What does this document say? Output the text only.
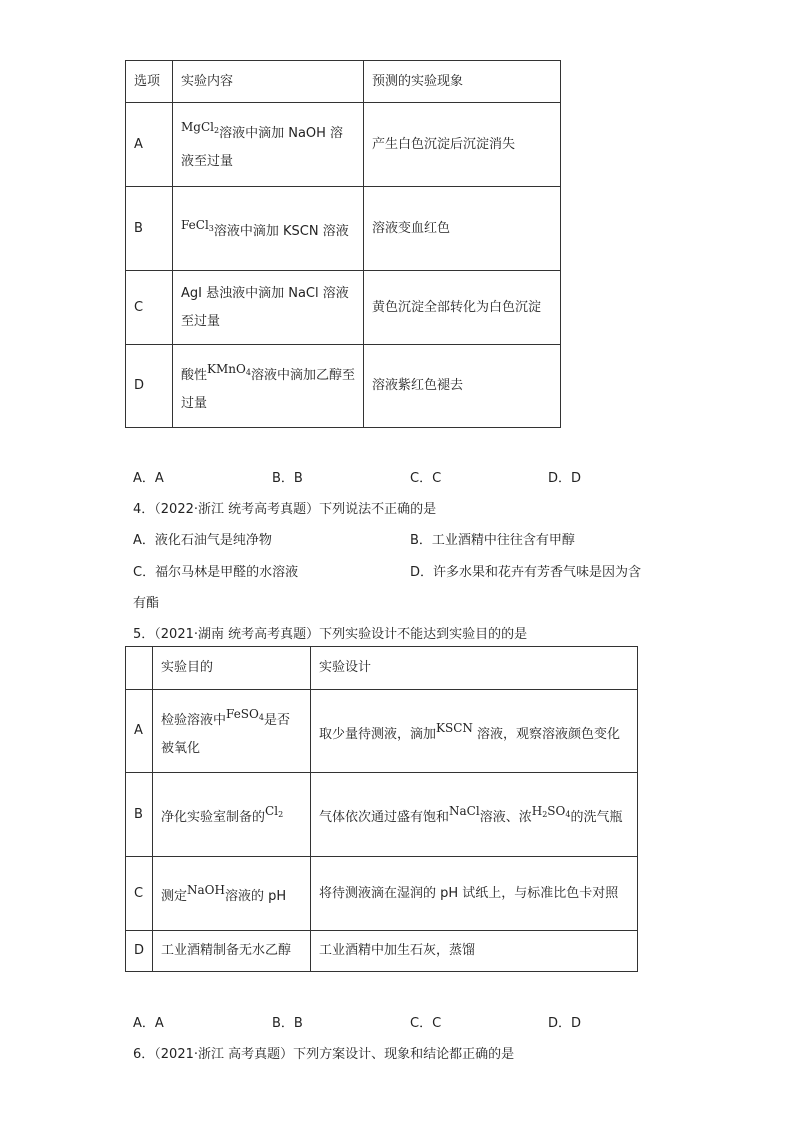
选项	实验内容	预测的实验现象
A	MgCl$_2$溶液中滴加 NaOH 溶液至过量	产生白色沉淀后沉淀消失
B	FeCl$_3$溶液中滴加 KSCN 溶液	溶液变血红色
C	AgI 悬浊液中滴加 NaCl 溶液至过量	黄色沉淀全部转化为白色沉淀
D	酸性KMnO$_4$溶液中滴加乙醇至过量	溶液紫红色褪去
A．A	B．B	C．C	D．D
4．（2022·浙江 统考高考真题）下列说法不正确的是
A．液化石油气是纯净物	B．工业酒精中往往含有甲醇
C．福尔马林是甲醛的水溶液	D．许多水果和花卉有芳香气味是因为含
有酯
5．（2021·湖南 统考高考真题）下列实验设计不能达到实验目的的是
	实验目的	实验设计
A	检验溶液中FeSO$_4$是否被氧化	取少量待测液，滴加KSCN 溶液，观察溶液颜色变化
B	净化实验室制备的$Cl_2$	气体依次通过盛有饱和NaCl溶液、浓$H_2SO_4$的洗气瓶
C	测定NaOH溶液的 pH	将待测液滴在湿润的 pH 试纸上，与标准比色卡对照
D	工业酒精制备无水乙醇	工业酒精中加生石灰，蒸馏
A．A	B．B	C．C	D．D
6．（2021·浙江 高考真题）下列方案设计、现象和结论都正确的是
